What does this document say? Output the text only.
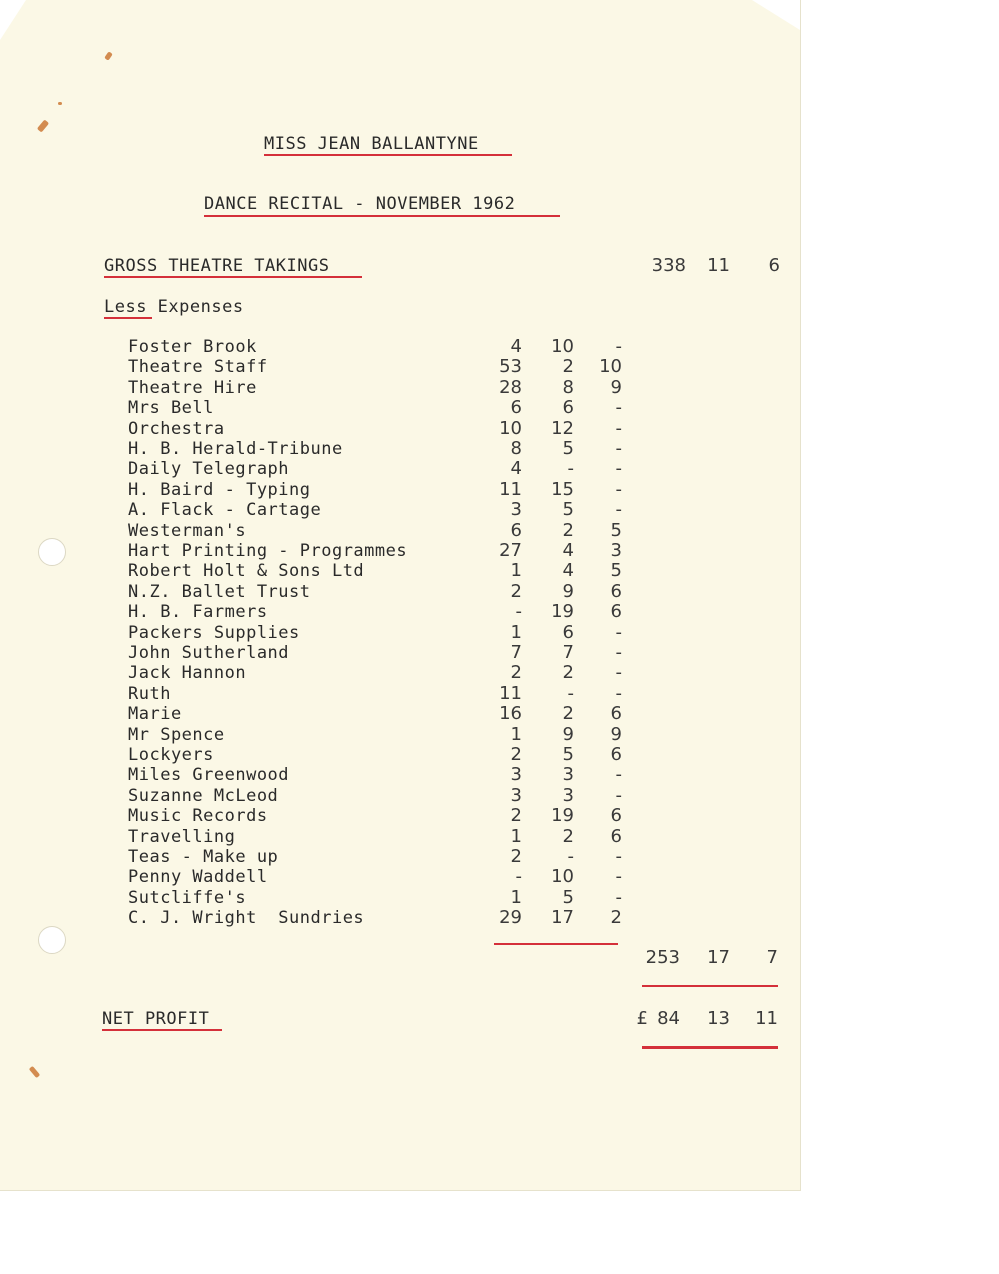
MISS JEAN BALLANTYNE
DANCE RECITAL - NOVEMBER 1962
GROSS THEATRE TAKINGS	338	11	6
Less Expenses
Foster Brook	4	10	-
Theatre Staff	53	2	10
Theatre Hire	28	8	9
Mrs Bell	6	6	-
Orchestra	10	12	-
H. B. Herald-Tribune	8	5	-
Daily Telegraph	4	-	-
H. Baird - Typing	11	15	-
A. Flack - Cartage	3	5	-
Westerman's	6	2	5
Hart Printing - Programmes	27	4	3
Robert Holt & Sons Ltd	1	4	5
N.Z. Ballet Trust	2	9	6
H. B. Farmers	-	19	6
Packers Supplies	1	6	-
John Sutherland	7	7	-
Jack Hannon	2	2	-
Ruth	11	-	-
Marie	16	2	6
Mr Spence	1	9	9
Lockyers	2	5	6
Miles Greenwood	3	3	-
Suzanne McLeod	3	3	-
Music Records	2	19	6
Travelling	1	2	6
Teas - Make up	2	-	-
Penny Waddell	-	10	-
Sutcliffe's	1	5	-
C. J. Wright  Sundries	29	17	2
253	17	7
NET PROFIT	£ 84	13	11
